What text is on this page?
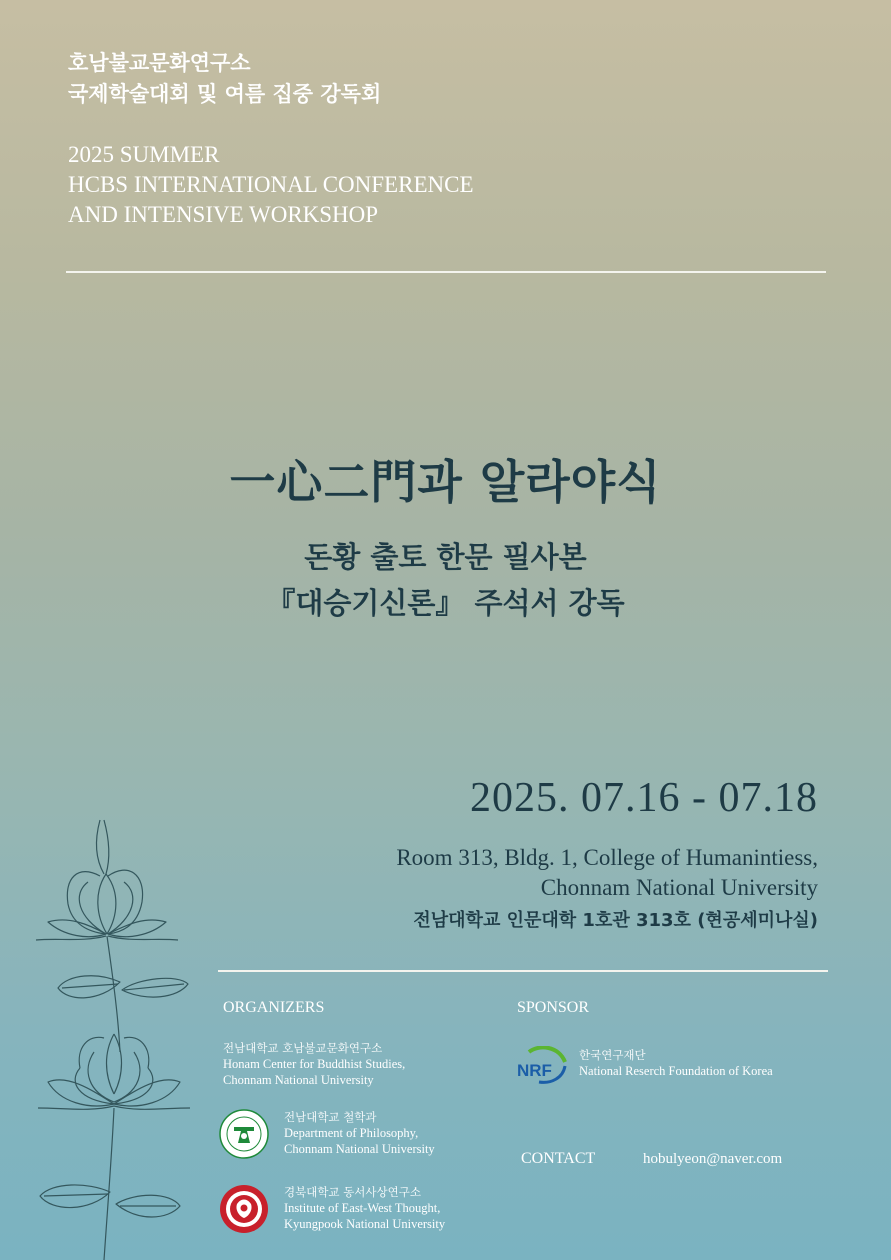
호남불교문화연구소
국제학술대회 및 여름 집중 강독회
2025 SUMMER
HCBS INTERNATIONAL CONFERENCE
AND INTENSIVE WORKSHOP
一心二門과 알라야식
돈황 출토 한문 필사본
『대승기신론』 주석서 강독
2025. 07.16 - 07.18
Room 313, Bldg. 1, College of Humanintiess,
Chonnam National University
전남대학교 인문대학 1호관 313호 (현공세미나실)
ORGANIZERS
전남대학교 호남불교문화연구소
Honam Center for Buddhist Studies,
Chonnam National University
전남대학교 철학과
Department of Philosophy,
Chonnam National University
경북대학교 동서사상연구소
Institute of East-West Thought,
Kyungpook National University
SPONSOR
NRF
한국연구재단
National Reserch Foundation of Korea
CONTACT	hobulyeon@naver.com
